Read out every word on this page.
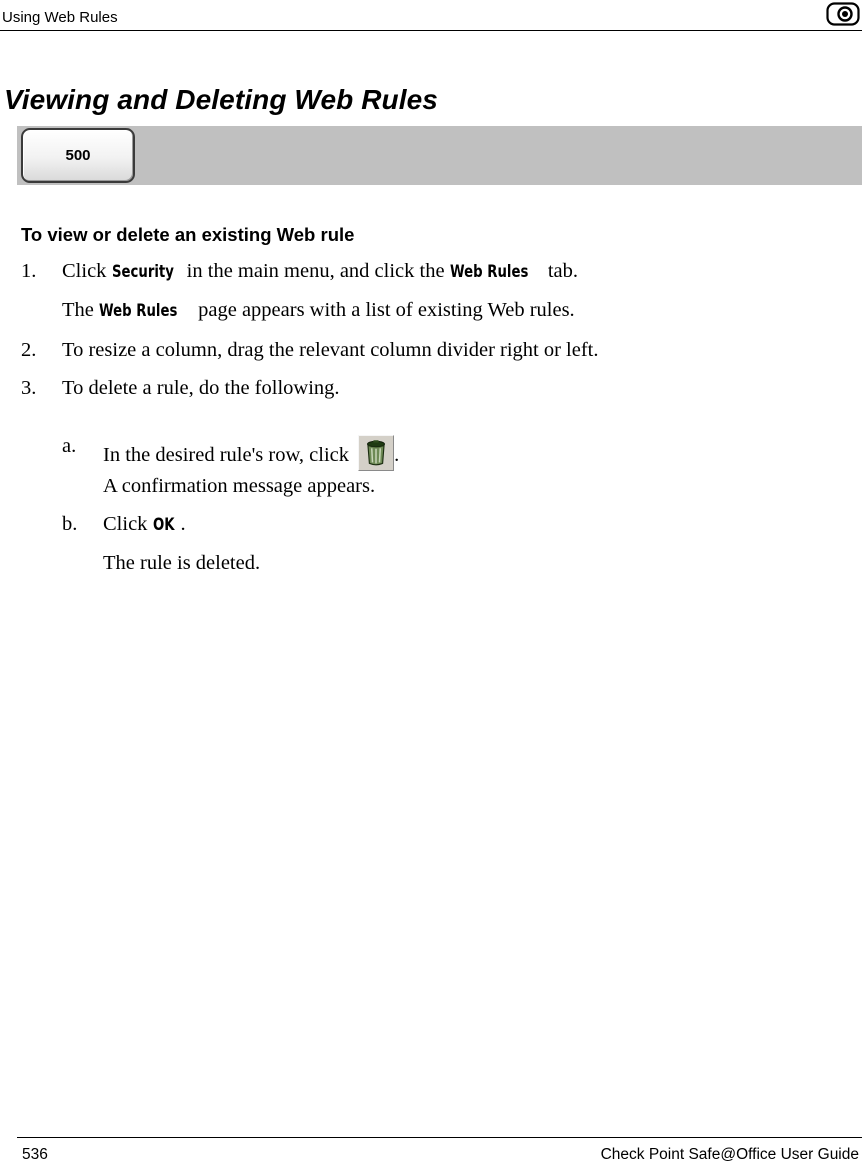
Using Web Rules
Viewing and Deleting Web Rules
500
To view or delete an existing Web rule
1. Click Security in the main menu, and click the Web Rules tab.
The Web Rules page appears with a list of existing Web rules.
2. To resize a column, drag the relevant column divider right or left.
3. To delete a rule, do the following.
a. In the desired rule's row, click .
A confirmation message appears.
b. Click OK .
The rule is deleted.
536	Check Point Safe@Office User Guide
